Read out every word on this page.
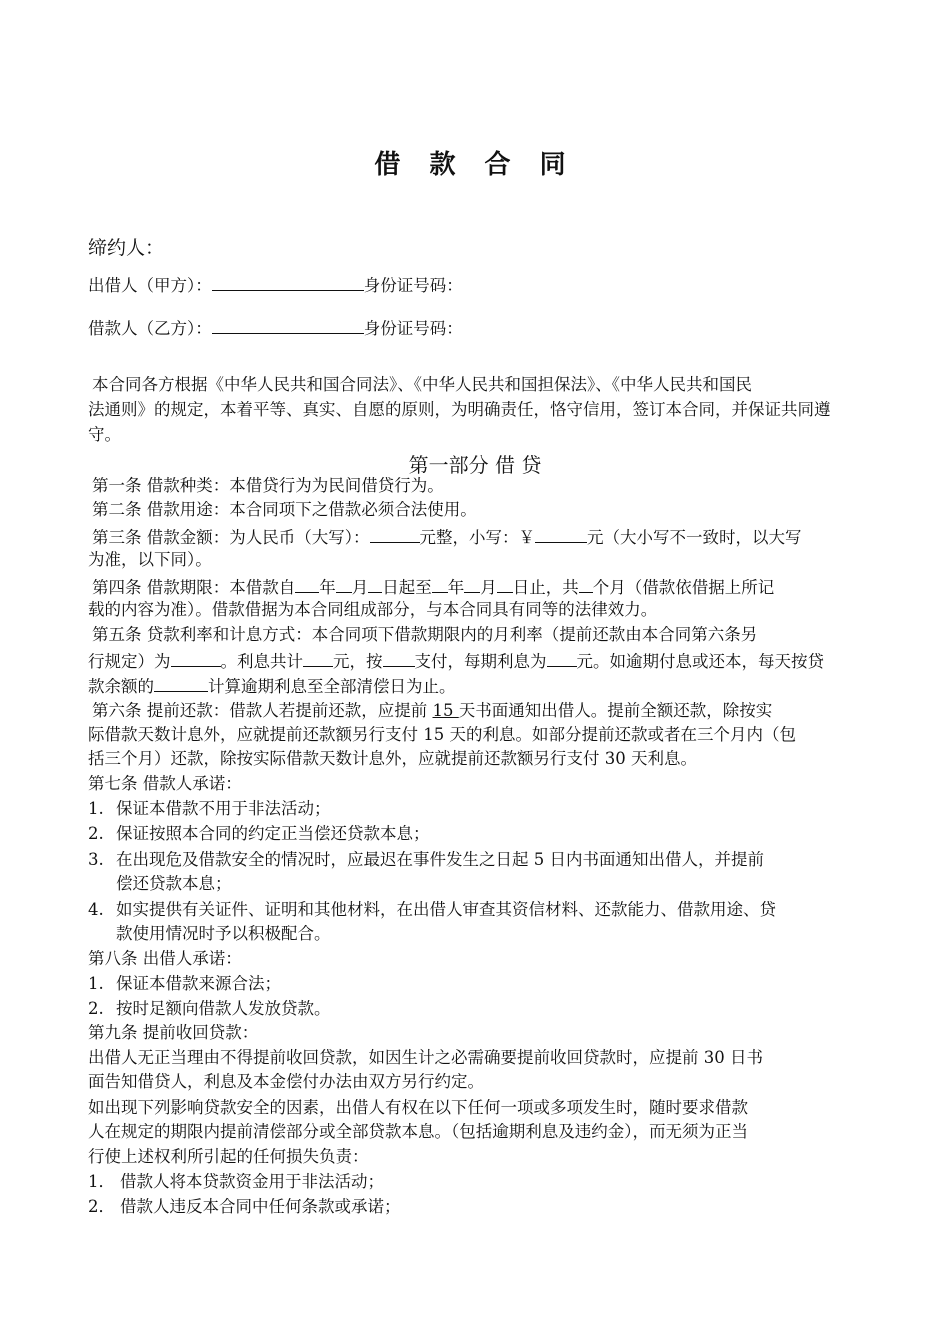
借 款 合 同
缔约人：
出借人（甲方）：	身份证号码：
借款人（乙方）：	身份证号码：
本合同各方根据《中华人民共和国合同法》、《中华人民共和国担保法》、《中华人民共和国民
法通则》的规定，本着平等、真实、自愿的原则，为明确责任，恪守信用，签订本合同，并保证共同遵
守。
第一部分 借 贷
第一条 借款种类：本借贷行为为民间借贷行为。
第二条 借款用途：本合同项下之借款必须合法使用。
第三条 借款金额：为人民币（大写）：	元整，小写：￥	元（大小写不一致时，以大写
为准，以下同）。
第四条 借款期限：本借款自 年 月 日起至 年 月 日止，共 个月（借款依借据上所记
载的内容为准）。借款借据为本合同组成部分，与本合同具有同等的法律效力。
第五条 贷款利率和计息方式：本合同项下借款期限内的月利率（提前还款由本合同第六条另
行规定）为	。利息共计 元，按 支付，每期利息为 元。如逾期付息或还本，每天按贷
款余额的	计算逾期利息至全部清偿日为止。
第六条 提前还款：借款人若提前还款，应提前 15 天书面通知出借人。提前全额还款，除按实
际借款天数计息外，应就提前还款额另行支付 15 天的利息。如部分提前还款或者在三个月内（包
括三个月）还款，除按实际借款天数计息外，应就提前还款额另行支付 30 天利息。
第七条 借款人承诺：
1. 保证本借款不用于非法活动；
2. 保证按照本合同的约定正当偿还贷款本息；
3. 在出现危及借款安全的情况时，应最迟在事件发生之日起 5 日内书面通知出借人，并提前
偿还贷款本息；
4. 如实提供有关证件、证明和其他材料，在出借人审查其资信材料、还款能力、借款用途、贷
款使用情况时予以积极配合。
第八条 出借人承诺：
1. 保证本借款来源合法；
2. 按时足额向借款人发放贷款。
第九条 提前收回贷款：
出借人无正当理由不得提前收回贷款，如因生计之必需确要提前收回贷款时，应提前 30 日书
面告知借贷人，利息及本金偿付办法由双方另行约定。
如出现下列影响贷款安全的因素，出借人有权在以下任何一项或多项发生时，随时要求借款
人在规定的期限内提前清偿部分或全部贷款本息。（包括逾期利息及违约金），而无须为正当
行使上述权利所引起的任何损失负责：
1． 借款人将本贷款资金用于非法活动；
2． 借款人违反本合同中任何条款或承诺；
